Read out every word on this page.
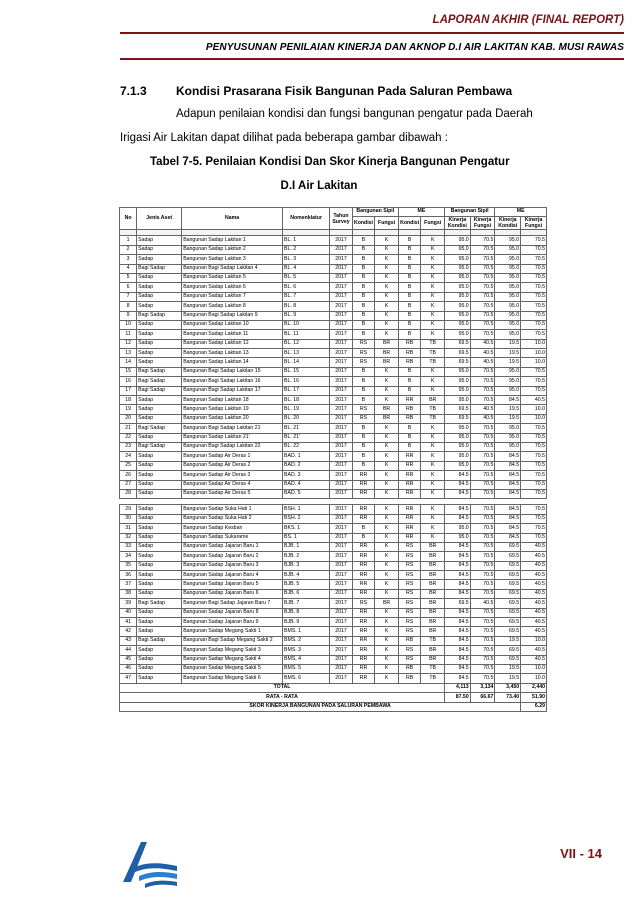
LAPORAN AKHIR (FINAL REPORT)
PENYUSUNAN PENILAIAN KINERJA DAN AKNOP D.I AIR LAKITAN KAB. MUSI RAWAS
7.1.3 Kondisi Prasarana Fisik Bangunan Pada Saluran Pembawa
Adapun penilaian kondisi dan fungsi bangunan pengatur pada Daerah
Irigasi Air Lakitan dapat dilihat pada beberapa gambar dibawah :
Tabel 7-5. Penilaian Kondisi Dan Skor Kinerja Bangunan Pengatur
D.I Air Lakitan
No	Jenis Aset	Nama	Nomenklatur	Tahun Survey	Bangunan Sipil		ME		Bangunan Sipil		ME	
					Kondisi	Fungsi	Kondisi	Fungsi	Kinerja Kondisi	Kinerja Fungsi	Kinerja Kondisi	Kinerja Fungsi

1	Sadap	Bangunan Sadap Lakitan 1	BL. 1	2017	B	K	B	K	95.0	70.5	95.0	70.5
2	Sadap	Bangunan Sadap Lakitan 2	BL. 2	2017	B	K	B	K	95.0	70.5	95.0	70.5
3	Sadap	Bangunan Sadap Lakitan 3	BL. 3	2017	B	K	B	K	95.0	70.5	95.0	70.5
4	Bagi Sadap	Bangunan Bagi Sadap Lakitan 4	BL. 4	2017	B	K	B	K	95.0	70.5	95.0	70.5
5	Sadap	Bangunan Sadap Lakitan 5	BL. 5	2017	B	K	B	K	95.0	70.5	95.0	70.5
6	Sadap	Bangunan Sadap Lakitan 6	BL. 6	2017	B	K	B	K	95.0	70.5	95.0	70.5
7	Sadap	Bangunan Sadap Lakitan 7	BL. 7	2017	B	K	B	K	95.0	70.5	95.0	70.5
8	Sadap	Bangunan Sadap Lakitan 8	BL. 8	2017	B	K	B	K	95.0	70.5	95.0	70.5
9	Bagi Sadap	Bangunan Bagi Sadap Lakitan 9	BL. 9	2017	B	K	B	K	95.0	70.5	95.0	70.5
10	Sadap	Bangunan Sadap Lakitan 10	BL. 10	2017	B	K	B	K	95.0	70.5	95.0	70.5
11	Sadap	Bangunan Sadap Lakitan 11	BL. 11	2017	B	K	B	K	95.0	70.5	95.0	70.5
12	Sadap	Bangunan Sadap Lakitan 12	BL. 12	2017	RS	BR	RB	TB	69.5	40.5	19.5	10.0
13	Sadap	Bangunan Sadap Lakitan 13	BL. 13	2017	RS	BR	RB	TB	69.5	40.5	19.5	10.0
14	Sadap	Bangunan Sadap Lakitan 14	BL. 14	2017	RS	BR	RB	TB	69.5	40.5	19.5	10.0
15	Bagi Sadap	Bangunan Bagi Sadap Lakitan 15	BL. 15	2017	B	K	B	K	95.0	70.5	95.0	70.5
16	Bagi Sadap	Bangunan Bagi Sadap Lakitan 16	BL. 16	2017	B	K	B	K	95.0	70.5	95.0	70.5
17	Bagi Sadap	Bangunan Bagi Sadap Lakitan 17	BL. 17	2017	B	K	B	K	95.0	70.5	95.0	70.5
18	Sadap	Bangunan Sadap Lakitan 18	BL. 18	2017	B	K	RR	BR	95.0	70.5	84.5	40.5
19	Sadap	Bangunan Sadap Lakitan 19	BL. 19	2017	RS	BR	RB	TB	69.5	40.5	19.5	10.0
20	Sadap	Bangunan Sadap Lakitan 20	BL. 20	2017	RS	BR	RB	TB	69.5	40.5	19.5	10.0
21	Bagi Sadap	Bangunan Bagi Sadap Lakitan 21	BL. 21	2017	B	K	B	K	95.0	70.5	95.0	70.5
22	Sadap	Bangunan Sadap Lakitan 21'	BL. 21'	2017	B	K	B	K	95.0	70.5	95.0	70.5
23	Bagi Sadap	Bangunan Bagi Sadap Lakitan 22	BL. 22	2017	B	K	B	K	95.0	70.5	95.0	70.5
24	Sadap	Bangunan Sadap Air Deras 1	BAD. 1	2017	B	K	RR	K	95.0	70.5	84.5	70.5
25	Sadap	Bangunan Sadap Air Deras 2	BAD. 2	2017	B	K	RR	K	95.0	70.5	84.5	70.5
26	Sadap	Bangunan Sadap Air Deras 3	BAD. 3	2017	RR	K	RR	K	84.5	70.5	84.5	70.5
27	Sadap	Bangunan Sadap Air Deras 4	BAD. 4	2017	RR	K	RR	K	84.5	70.5	84.5	70.5
28	Sadap	Bangunan Sadap Air Deras 5	BAD. 5	2017	RR	K	RR	K	84.5	70.5	84.5	70.5

29	Sadap	Bangunan Sadap Suka Hati 1	BSH. 1	2017	RR	K	RR	K	84.5	70.5	84.5	70.5
30	Sadap	Bangunan Sadap Suka Hati 2	BSH. 2	2017	RR	K	RR	K	84.5	70.5	84.5	70.5
31	Sadap	Bangunan Sadap Kesban	BKS. 1	2017	B	K	RR	K	95.0	70.5	84.5	70.5
32	Sadap	Bangunan Sadap Sukarame	BS. 1	2017	B	K	RR	K	95.0	70.5	84.5	70.5
33	Sadap	Bangunan Sadap Jajaran Baru 1	BJB. 1	2017	RR	K	RS	BR	84.5	70.5	69.5	40.5
34	Sadap	Bangunan Sadap Jajaran Baru 2	BJB. 2	2017	RR	K	RS	BR	84.5	70.5	69.5	40.5
35	Sadap	Bangunan Sadap Jajaran Baru 3	BJB. 3	2017	RR	K	RS	BR	84.5	70.5	69.5	40.5
36	Sadap	Bangunan Sadap Jajaran Baru 4	BJB. 4	2017	RR	K	RS	BR	84.5	70.5	69.5	40.5
37	Sadap	Bangunan Sadap Jajaran Baru 5	BJB. 5	2017	RR	K	RS	BR	84.5	70.5	69.5	40.5
38	Sadap	Bangunan Sadap Jajaran Baru 6	BJB. 6	2017	RR	K	RS	BR	84.5	70.5	69.5	40.5
39	Bagi Sadap	Bangunan Bagi Sadap Jajaran Baru 7	BJB. 7	2017	RS	BR	RS	BR	69.5	40.5	69.5	40.5
40	Sadap	Bangunan Sadap Jajaran Baru 8	BJB. 8	2017	RR	K	RS	BR	84.5	70.5	69.5	40.5
41	Sadap	Bangunan Sadap Jajaran Baru 9	BJB. 9	2017	RR	K	RS	BR	84.5	70.5	69.5	40.5
42	Sadap	Bangunan Sadap Megang Sakti 1	BMS. 1	2017	RR	K	RS	BR	84.5	70.5	69.5	40.5
43	Bagi Sadap	Bangunan Bagi Sadap Megang Sakti 2	BMS. 2	2017	RR	K	RB	TB	84.5	70.5	19.5	10.0
44	Sadap	Bangunan Sadap Megang Sakti 3	BMS. 3	2017	RR	K	RS	BR	84.5	70.5	69.5	40.5
45	Sadap	Bangunan Sadap Megang Sakti 4	BMS. 4	2017	RR	K	RS	BR	84.5	70.5	69.5	40.5
46	Sadap	Bangunan Sadap Megang Sakti 5	BMS. 5	2017	RR	K	RB	TB	84.5	70.5	19.5	10.0
47	Sadap	Bangunan Sadap Megang Sakti 6	BMS. 6	2017	RR	K	RB	TB	84.5	70.5	19.5	10.0
TOTAL									4,113	3,134	3,450	2,440
RATA - RATA									87.50	66.67	73.40	51.90
SKOR KINERJA BANGUNAN PADA SALURAN PEMBAWA												6.29
VII - 14
